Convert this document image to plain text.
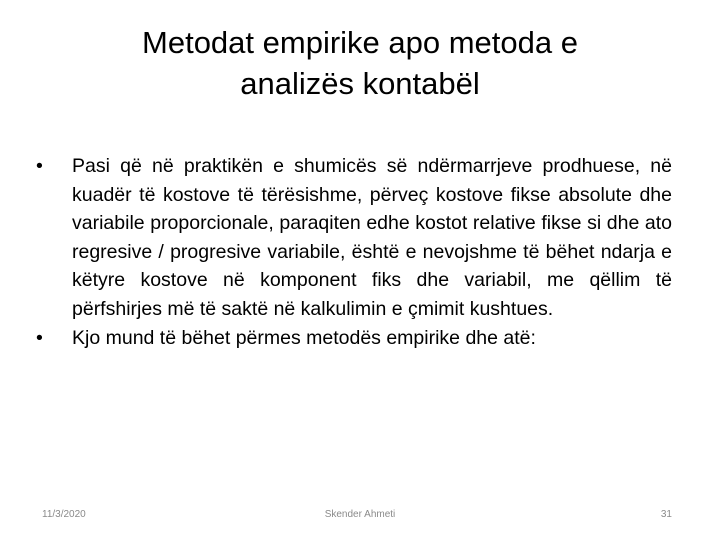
Metodat empirike apo metoda e
analizës kontabël
•	Pasi që në praktikën e shumicës së ndërmarrjeve prodhuese, në kuadër të kostove të tërësishme, përveç kostove fikse absolute dhe variabile proporcionale, paraqiten edhe kostot relative fikse si dhe ato regresive / progresive variabile, është e nevojshme të bëhet ndarja e këtyre kostove në komponent fiks dhe variabil, me qëllim të përfshirjes më të saktë në kalkulimin e çmimit kushtues.
•	Kjo mund të bëhet përmes metodës empirike dhe atë:
11/3/2020	Skender Ahmeti	31
